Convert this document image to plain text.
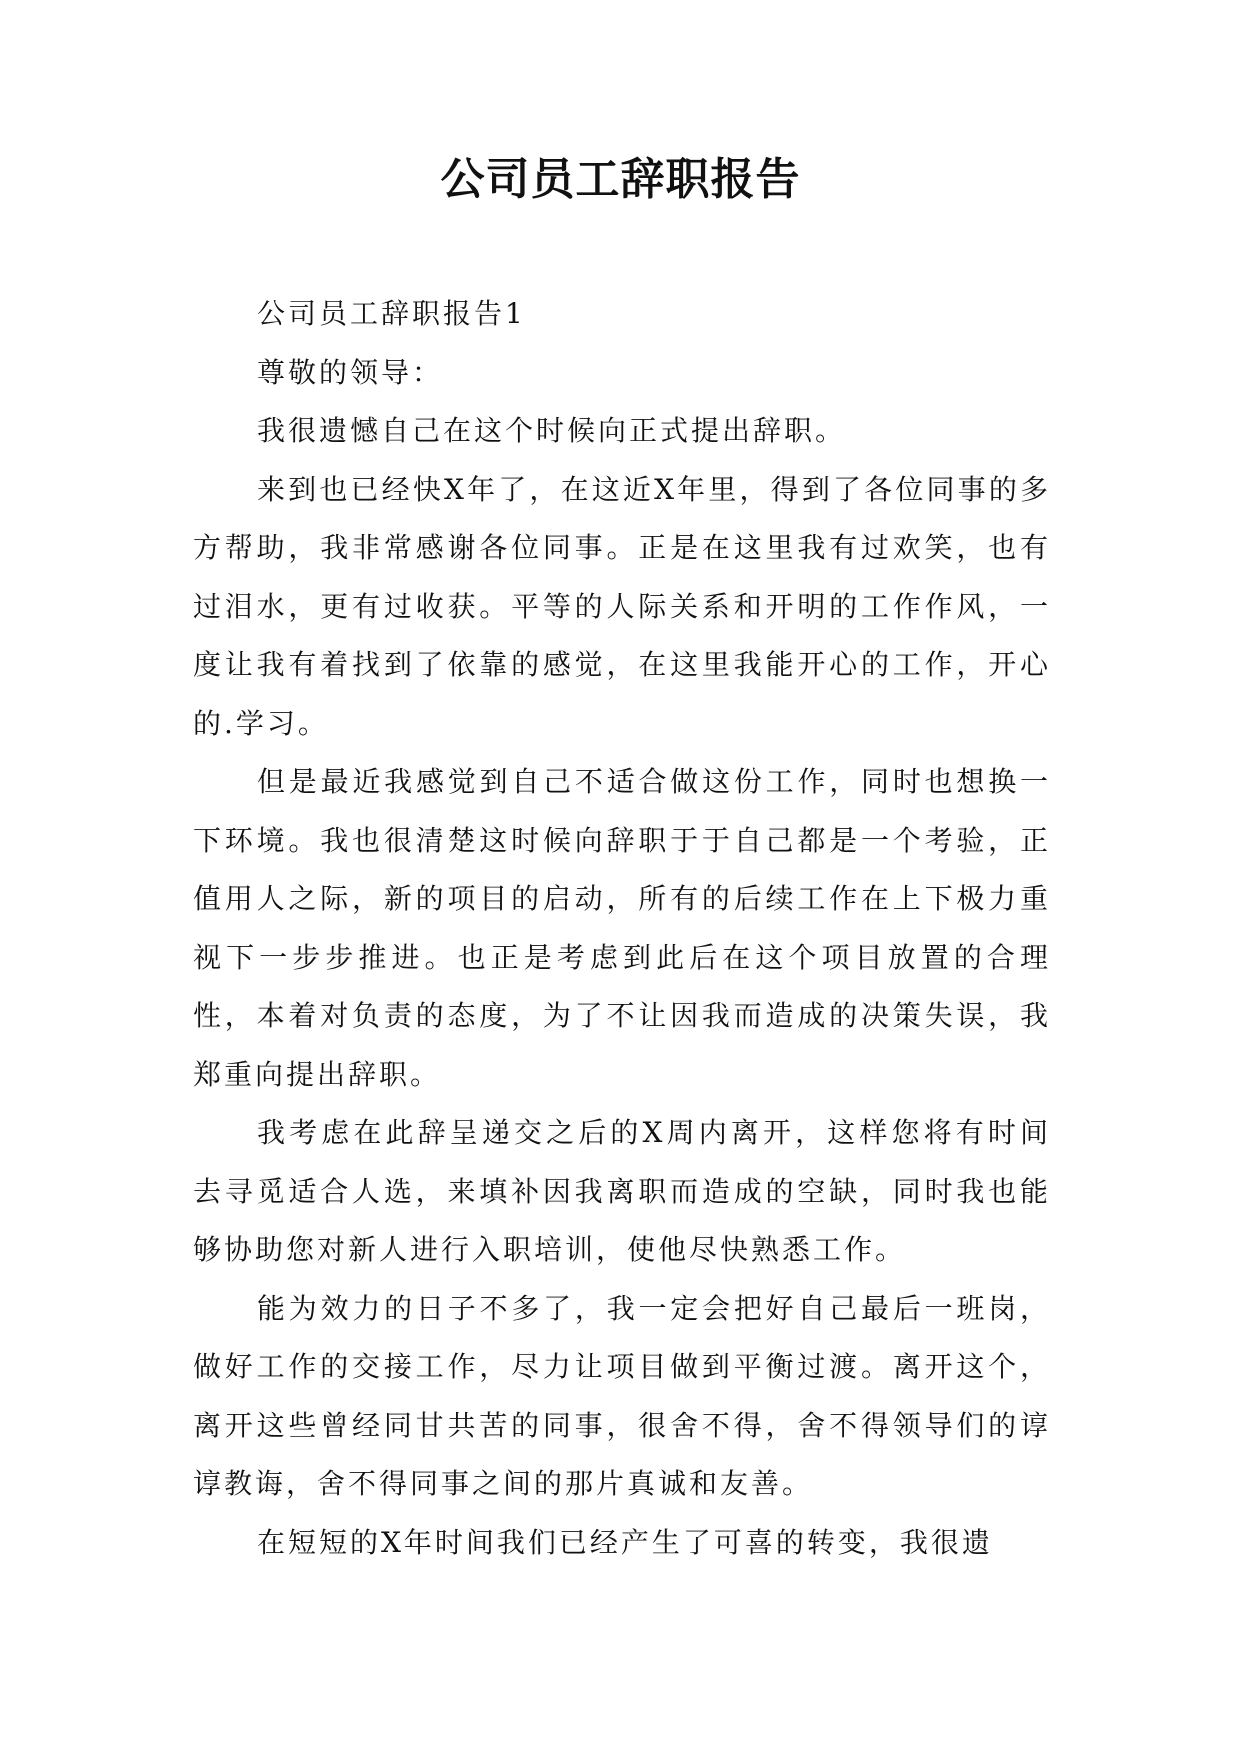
公司员工辞职报告

公司员工辞职报告1

尊敬的领导：

我很遗憾自己在这个时候向正式提出辞职。

来到也已经快X年了，在这近X年里，得到了各位同事的多方帮助，我非常感谢各位同事。正是在这里我有过欢笑，也有过泪水，更有过收获。平等的人际关系和开明的工作作风，一度让我有着找到了依靠的感觉，在这里我能开心的工作，开心的.学习。

但是最近我感觉到自己不适合做这份工作，同时也想换一下环境。我也很清楚这时候向辞职于于自己都是一个考验，正值用人之际，新的项目的启动，所有的后续工作在上下极力重视下一步步推进。也正是考虑到此后在这个项目放置的合理性，本着对负责的态度，为了不让因我而造成的决策失误，我郑重向提出辞职。

我考虑在此辞呈递交之后的X周内离开，这样您将有时间去寻觅适合人选，来填补因我离职而造成的空缺，同时我也能够协助您对新人进行入职培训，使他尽快熟悉工作。

能为效力的日子不多了，我一定会把好自己最后一班岗，做好工作的交接工作，尽力让项目做到平衡过渡。离开这个，离开这些曾经同甘共苦的同事，很舍不得，舍不得领导们的谆谆教诲，舍不得同事之间的那片真诚和友善。

在短短的X年时间我们已经产生了可喜的转变，我很遗
